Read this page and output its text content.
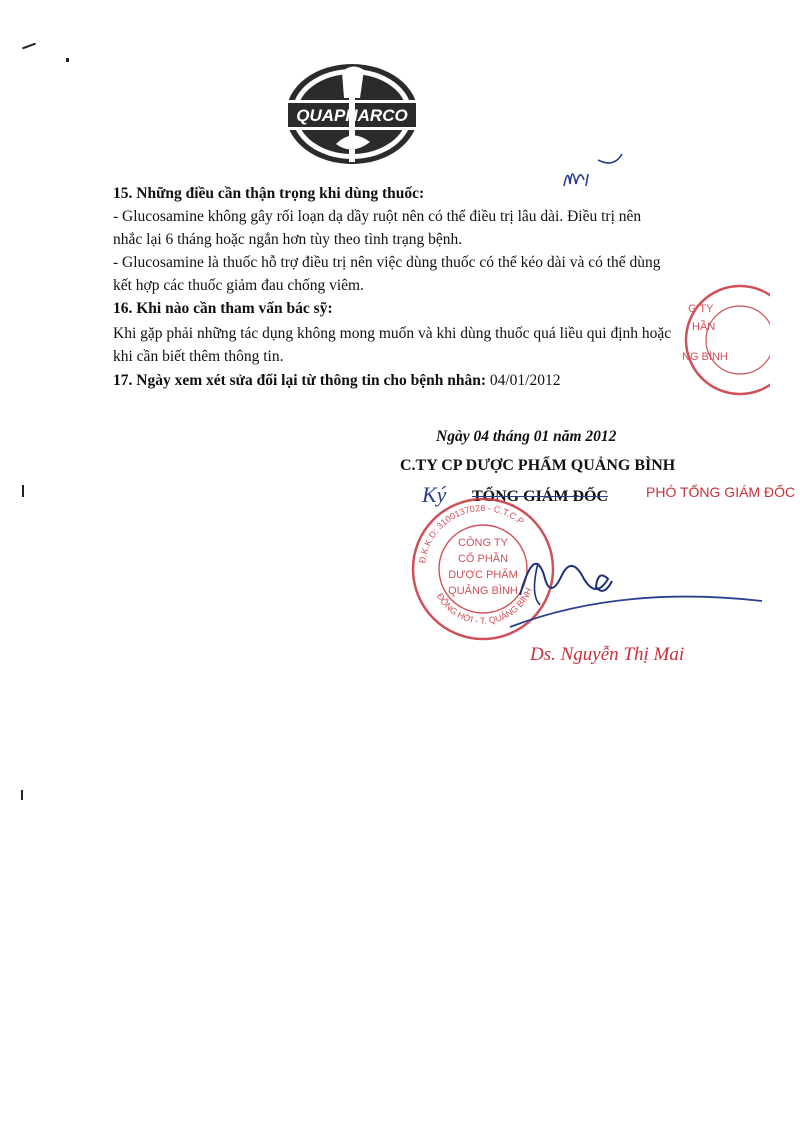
QUAPHARCO
15. Những điều cần thận trọng khi dùng thuốc:
- Glucosamine không gây rối loạn dạ dầy ruột nên có thể điều trị lâu dài. Điều trị nên
nhắc lại 6 tháng hoặc ngắn hơn tùy theo tình trạng bệnh.
- Glucosamine là thuốc hỗ trợ điều trị nên việc dùng thuốc có thể kéo dài và có thể dùng
kết hợp các thuốc giảm đau chống viêm.
16. Khi nào cần tham vấn bác sỹ:
Khi gặp phải những tác dụng không mong muốn và khi dùng thuốc quá liều qui định hoặc
khi cần biết thêm thông tin.
17. Ngày xem xét sửa đổi lại từ thông tin cho bệnh nhân: 04/01/2012
G TY
HẦN
NG BÌNH
Ngày 04 tháng 01 năm 2012
C.TY CP DƯỢC PHẨM QUẢNG BÌNH
Ký TỔNG GIÁM ĐỐC	PHÓ TỔNG GIÁM ĐỐC
Đ.K.K.D: 3100137028 - C.T.C.P
ĐỒNG HỚI - T. QUẢNG BÌNH
CÔNG TY
CỔ PHẦN
DƯỢC PHẨM
QUẢNG BÌNH
Ds. Nguyễn Thị Mai
